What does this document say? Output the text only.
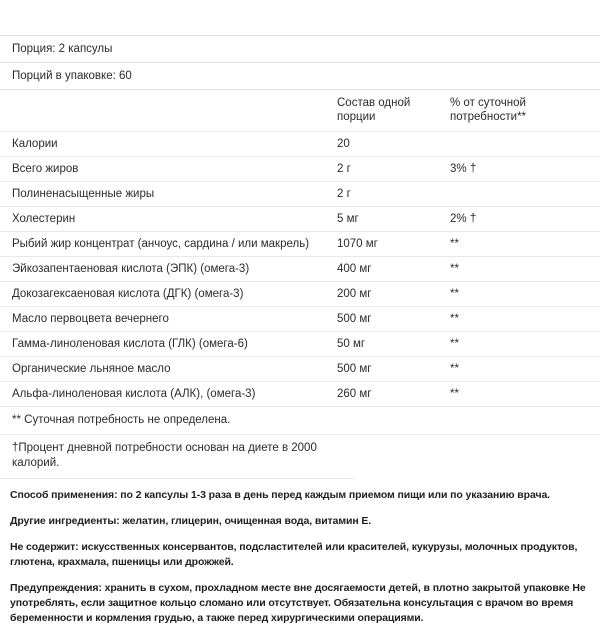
Порция: 2 капсулы
Порций в упаковке: 60

	Состав одной порции	% от суточной потребности**

Калории	20	
Всего жиров	2 г	3% †
Полиненасыщенные жиры	2 г	
Холестерин	5 мг	2% †
Рыбий жир концентрат (анчоус, сардина / или макрель)	1070 мг	**
Эйкозапентаеновая кислота (ЭПК) (омега-3)	400 мг	**
Докозагексаеновая кислота (ДГК) (омега-3)	200 мг	**
Масло первоцвета вечернего	500 мг	**
Гамма-линоленовая кислота (ГЛК) (омега-6)	50 мг	**
Органические льняное масло	500 мг	**
Альфа-линоленовая кислота (АЛК), (омега-3)	260 мг	**
** Суточная потребность не определена.
†Процент дневной потребности основан на диете в 2000 калорий.
Способ применения: по 2 капсулы 1-3 раза в день перед каждым приемом пищи или по указанию врача.
Другие ингредиенты: желатин, глицерин, очищенная вода, витамин Е.
Не содержит: искусственных консервантов, подсластителей или красителей, кукурузы, молочных продуктов, глютена, крахмала, пшеницы или дрожжей.
Предупреждения: хранить в сухом, прохладном месте вне досягаемости детей, в плотно закрытой упаковке Не употреблять, если защитное кольцо сломано или отсутствует. Обязательна консультация с врачом во время беременности и кормления грудью, а также перед хирургическими операциями.
